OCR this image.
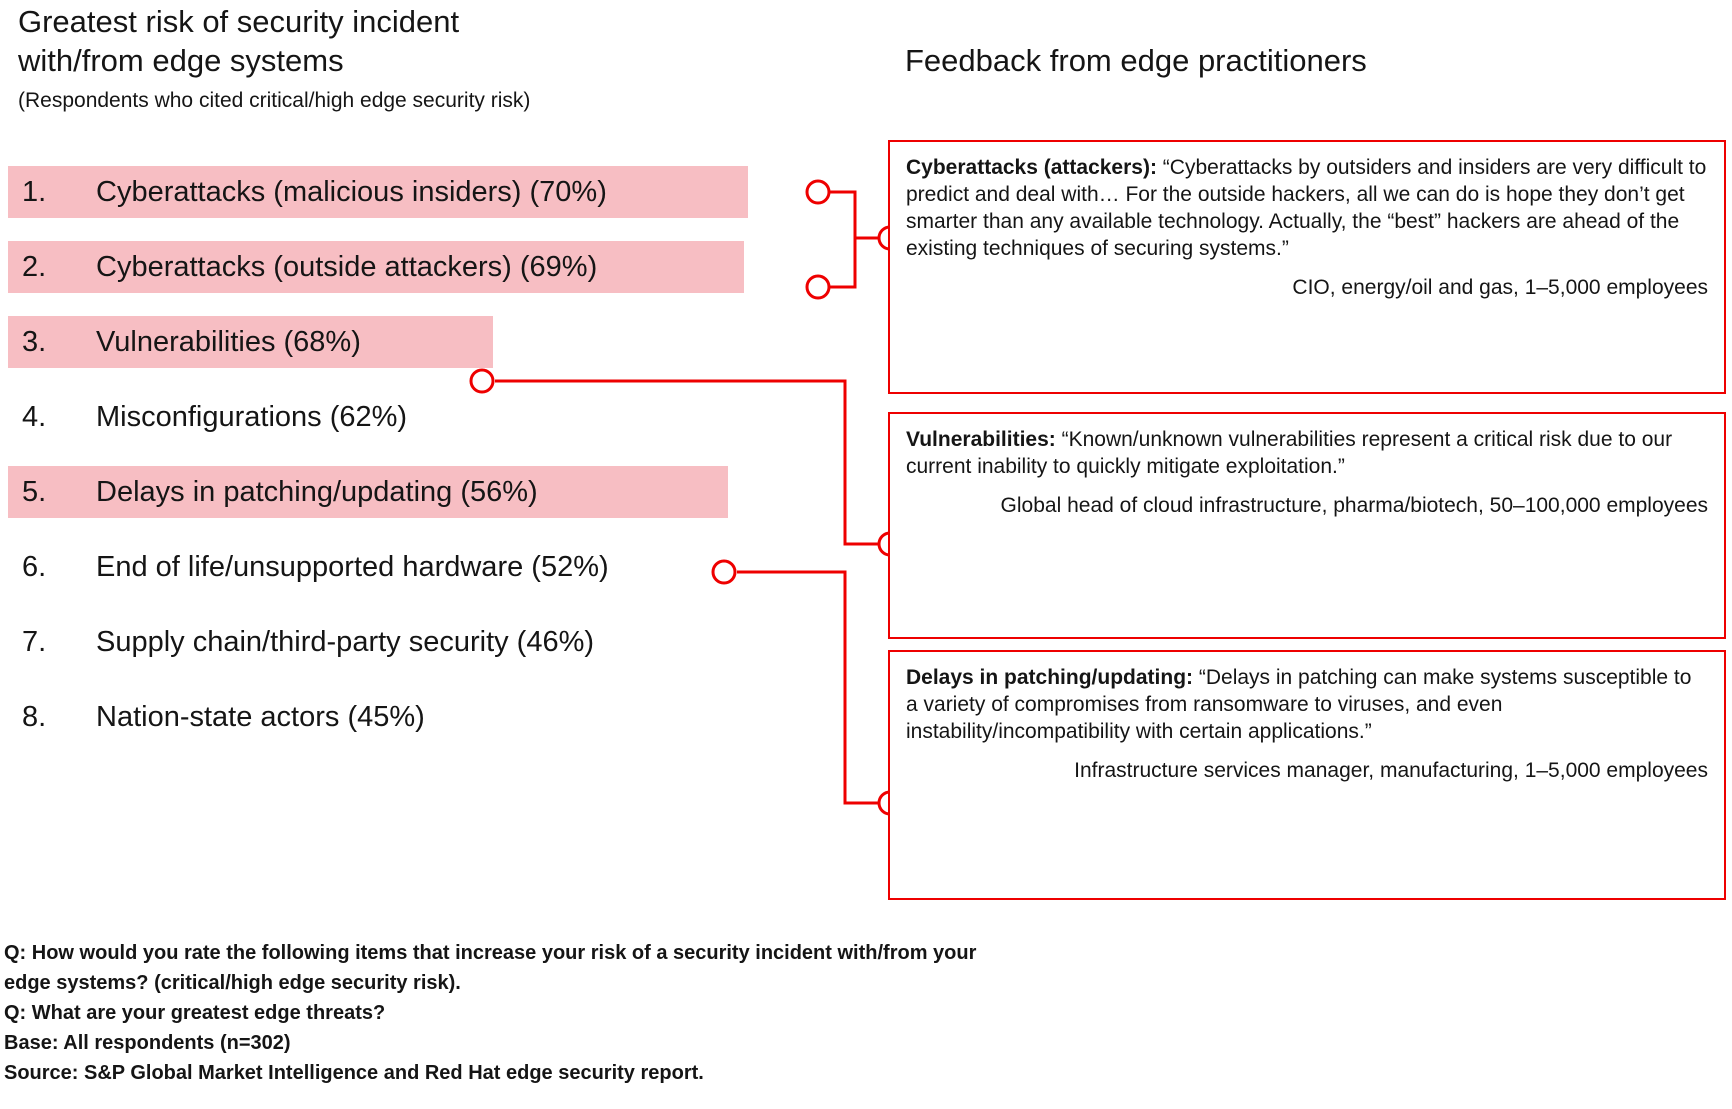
Greatest risk of security incident
with/from edge systems
(Respondents who cited critical/high edge security risk)
1. Cyberattacks (malicious insiders) (70%)
2. Cyberattacks (outside attackers) (69%)
3. Vulnerabilities (68%)
4. Misconfigurations (62%)
5. Delays in patching/updating (56%)
6. End of life/unsupported hardware (52%)
7. Supply chain/third-party security (46%)
8. Nation-state actors (45%)
Feedback from edge practitioners
Cyberattacks (attackers): “Cyberattacks by outsiders and insiders are very difficult to predict and deal with… For the outside hackers, all we can do is hope they don’t get smarter than any available technology. Actually, the “best” hackers are ahead of the existing techniques of securing systems.”
CIO, energy/oil and gas, 1–5,000 employees
Vulnerabilities: “Known/unknown vulnerabilities represent a critical risk due to our current inability to quickly mitigate exploitation.”
Global head of cloud infrastructure, pharma/biotech, 50–100,000 employees
Delays in patching/updating: “Delays in patching can make systems susceptible to a variety of compromises from ransomware to viruses, and even instability/incompatibility with certain applications.”
Infrastructure services manager, manufacturing, 1–5,000 employees
Q: How would you rate the following items that increase your risk of a security incident with/from your
edge systems? (critical/high edge security risk).
Q: What are your greatest edge threats?
Base: All respondents (n=302)
Source: S&P Global Market Intelligence and Red Hat edge security report.
